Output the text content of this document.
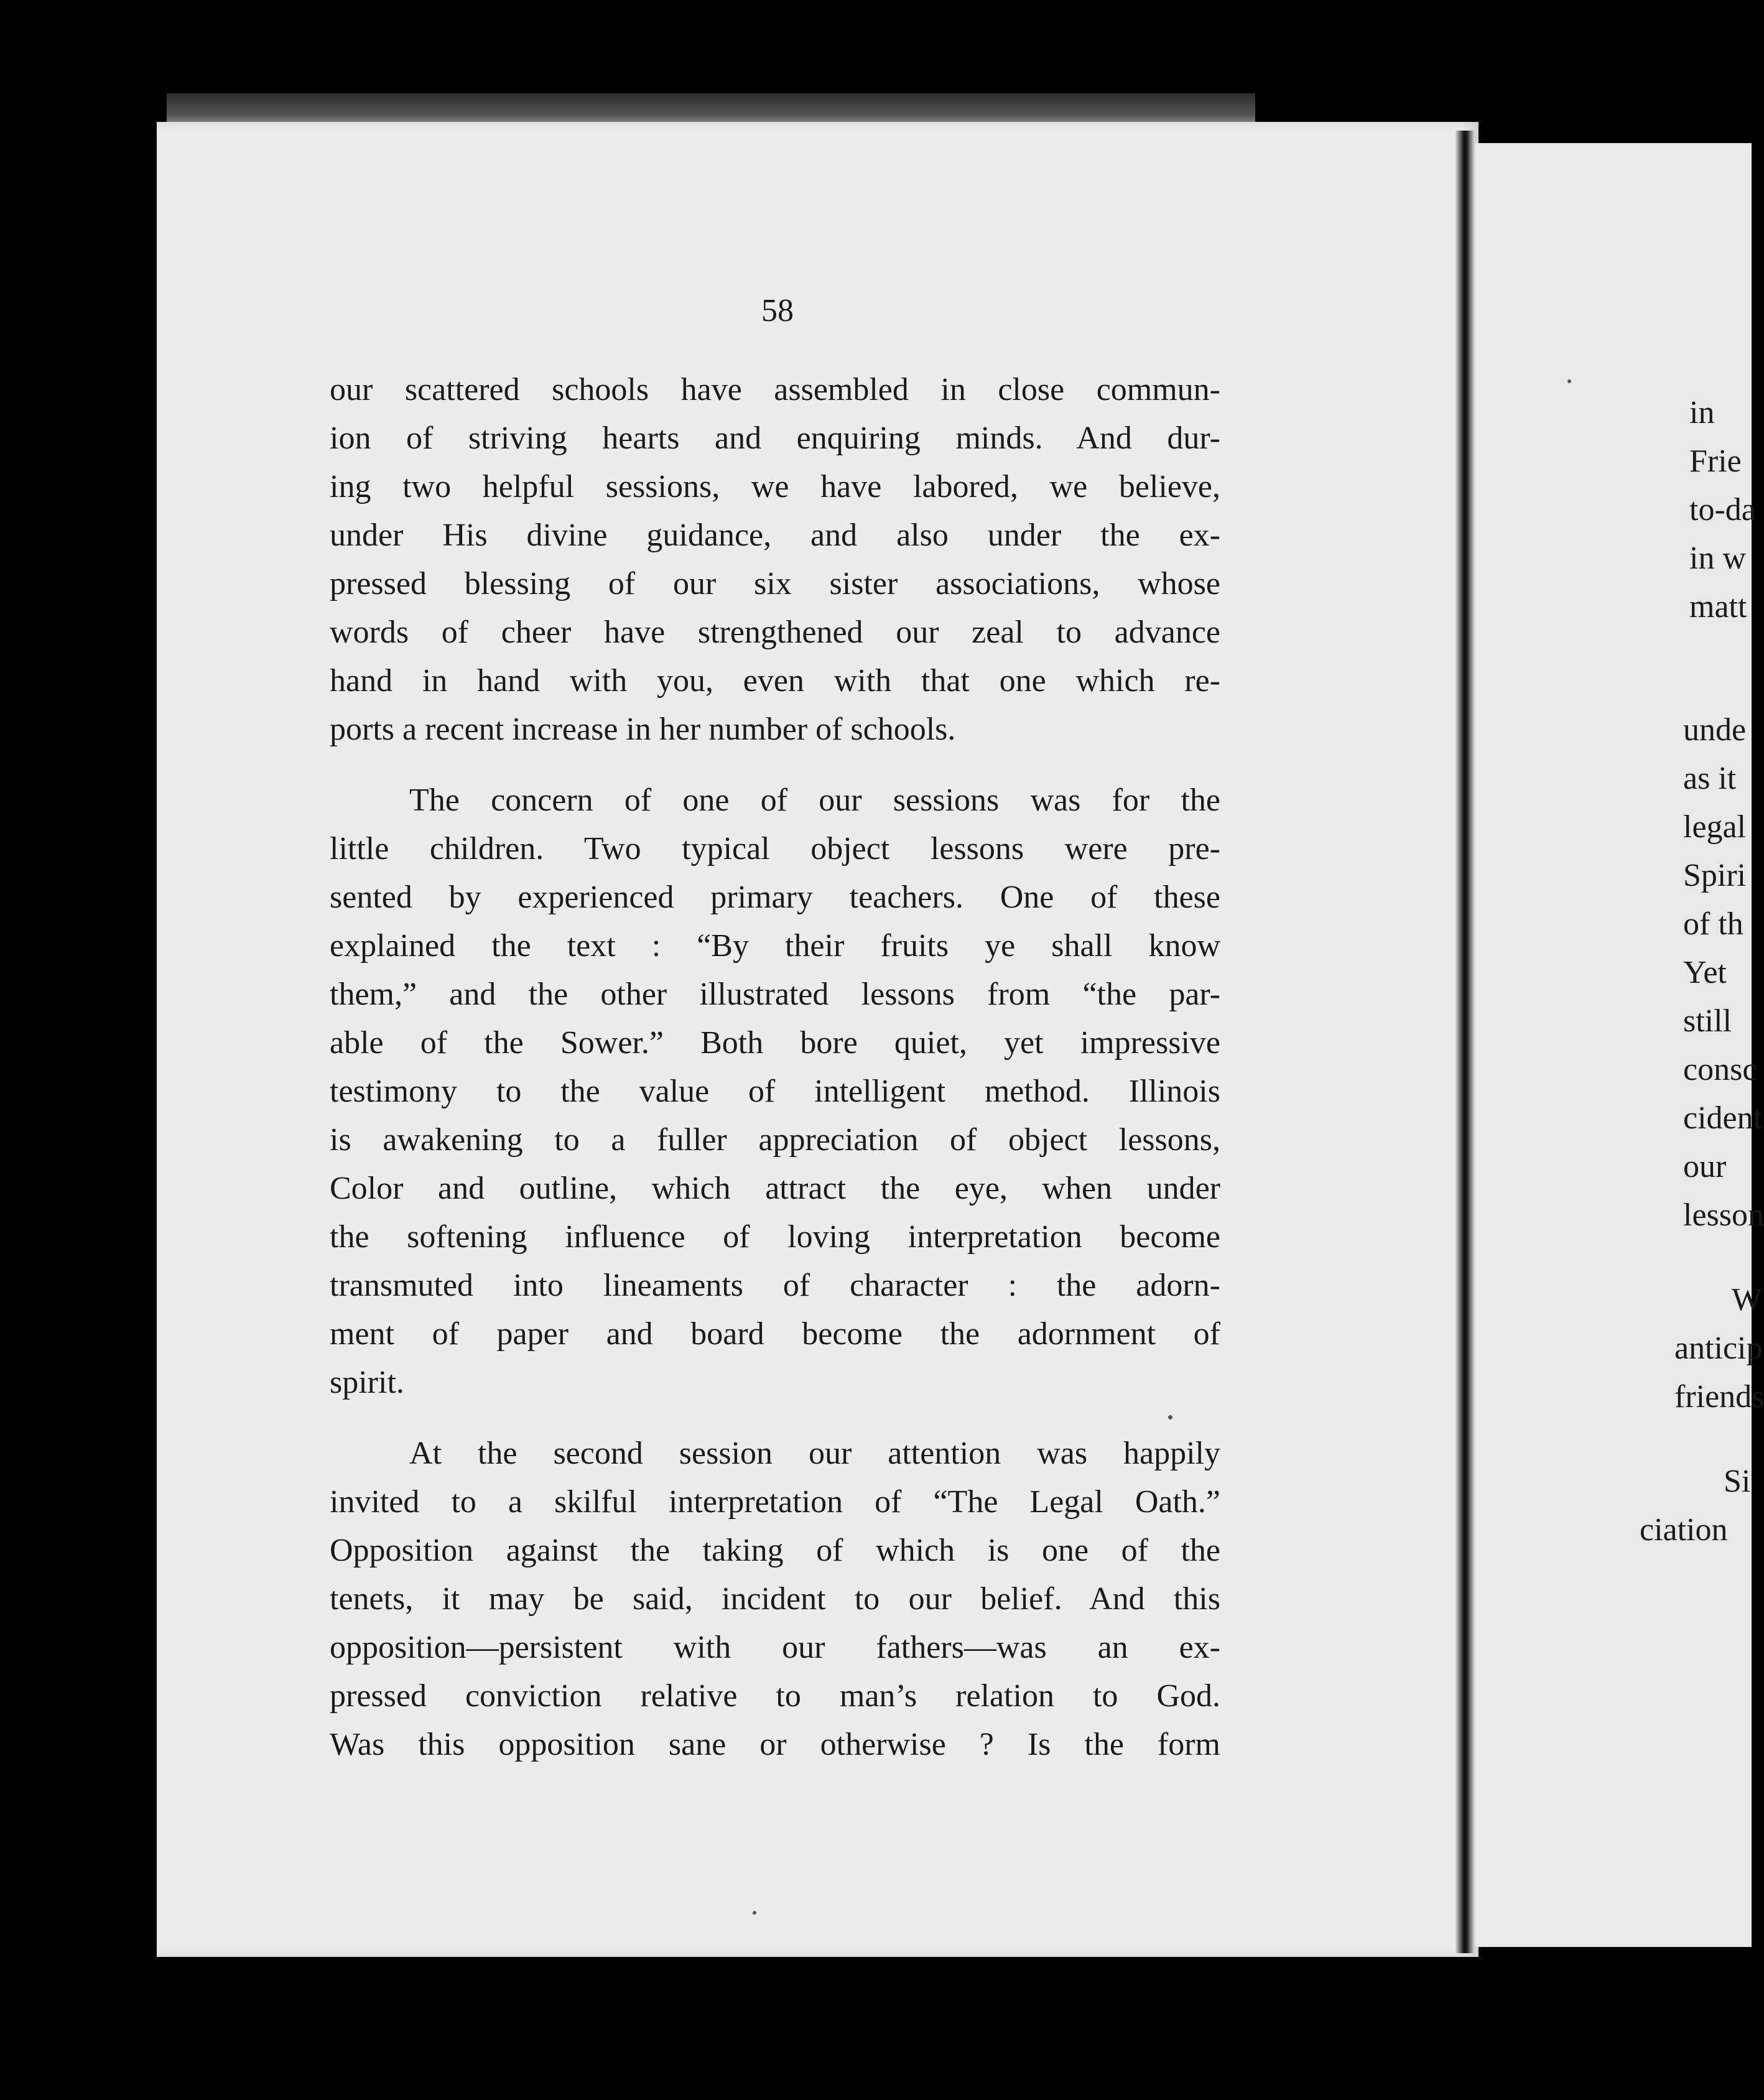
58
our scattered schools have assembled in close commun-
ion of striving hearts and enquiring minds. And dur-
ing two helpful sessions, we have labored, we believe,
under His divine guidance, and also under the ex-
pressed blessing of our six sister associations, whose
words of cheer have strengthened our zeal to advance
hand in hand with you, even with that one which re-
ports a recent increase in her number of schools.
The concern of one of our sessions was for the
little children. Two typical object lessons were pre-
sented by experienced primary teachers. One of these
explained the text : “By their fruits ye shall know
them,” and the other illustrated lessons from “the par-
able of the Sower.” Both bore quiet, yet impressive
testimony to the value of intelligent method. Illinois
is awakening to a fuller appreciation of object lessons,
Color and outline, which attract the eye, when under
the softening influence of loving interpretation become
transmuted into lineaments of character : the adorn-
ment of paper and board become the adornment of
spirit.
At the second session our attention was happily
invited to a skilful interpretation of “The Legal Oath.”
Opposition against the taking of which is one of the
tenets, it may be said, incident to our belief. And this
opposition—persistent with our fathers—was an ex-
pressed conviction relative to man’s relation to God.
Was this opposition sane or otherwise ? Is the form
in
Frie
to-da
in w
matt
unde
as it
legal
Spiri
of th
Yet
still
consc
cident
our
lesson
W
anticip
friends
Si
ciation
